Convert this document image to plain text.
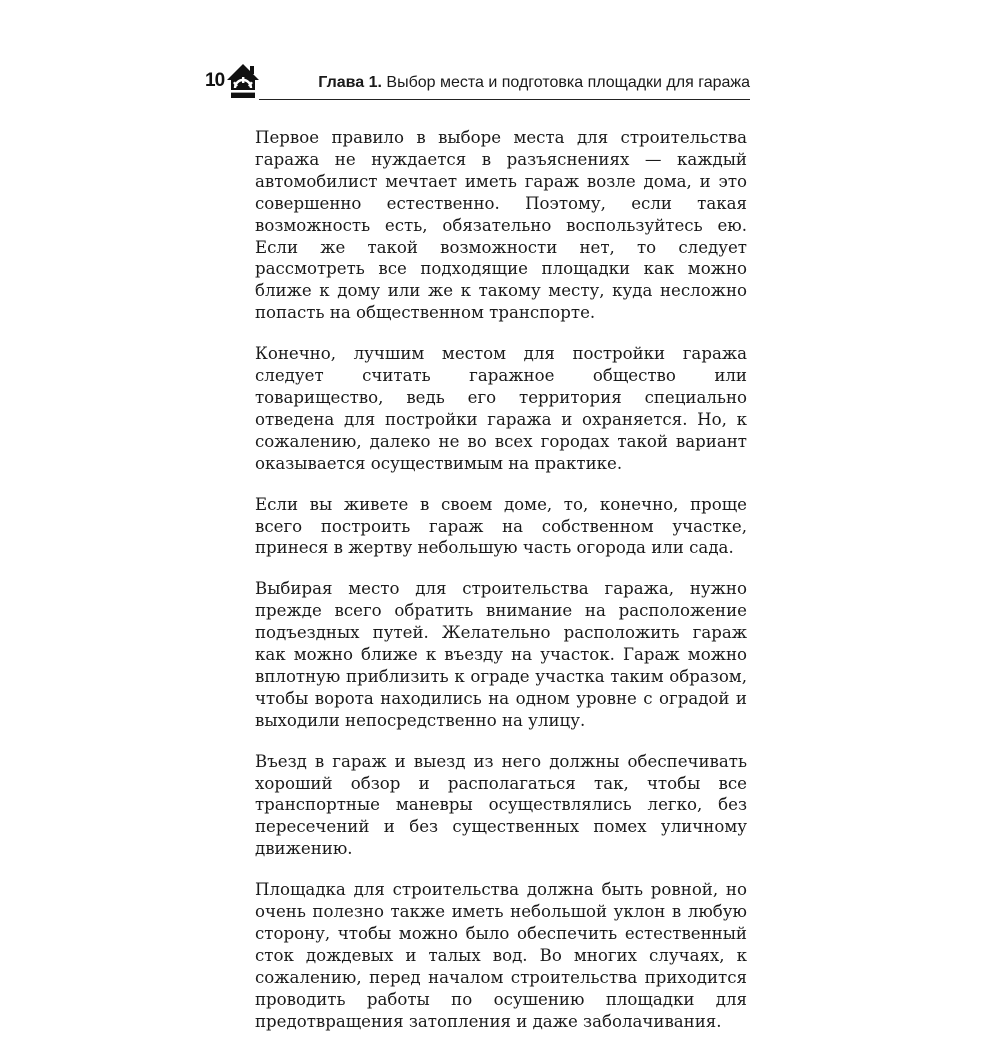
10	Глава 1. Выбор места и подготовка площадки для гаража

Первое правило в выборе места для строительства гаража не нуждается в разъяснениях — каждый автомобилист мечтает иметь гараж возле дома, и это совершенно естественно. Поэтому, если такая возможность есть, обязательно воспользуйтесь ею. Если же такой возможности нет, то следует рассмотреть все подходящие площадки как можно ближе к дому или же к такому месту, куда несложно попасть на общественном транспорте.

Конечно, лучшим местом для постройки гаража следует считать гаражное общество или товарищество, ведь его территория специально отведена для постройки гаража и охраняется. Но, к сожалению, далеко не во всех городах такой вариант оказывается осуществимым на практике.

Если вы живете в своем доме, то, конечно, проще всего построить гараж на собственном участке, принеся в жертву небольшую часть огорода или сада.

Выбирая место для строительства гаража, нужно прежде всего обратить внимание на расположение подъездных путей. Желательно расположить гараж как можно ближе к въезду на участок. Гараж можно вплотную приблизить к ограде участка таким образом, чтобы ворота находились на одном уровне с оградой и выходили непосредственно на улицу.

Въезд в гараж и выезд из него должны обеспечивать хороший обзор и располагаться так, чтобы все транспортные маневры осуществлялись легко, без пересечений и без существенных помех уличному движению.

Площадка для строительства должна быть ровной, но очень полезно также иметь небольшой уклон в любую сторону, чтобы можно было обеспечить естественный сток дождевых и талых вод. Во многих случаях, к сожалению, перед началом строительства приходится проводить работы по осушению площадки для предотвращения затопления и даже заболачивания.
